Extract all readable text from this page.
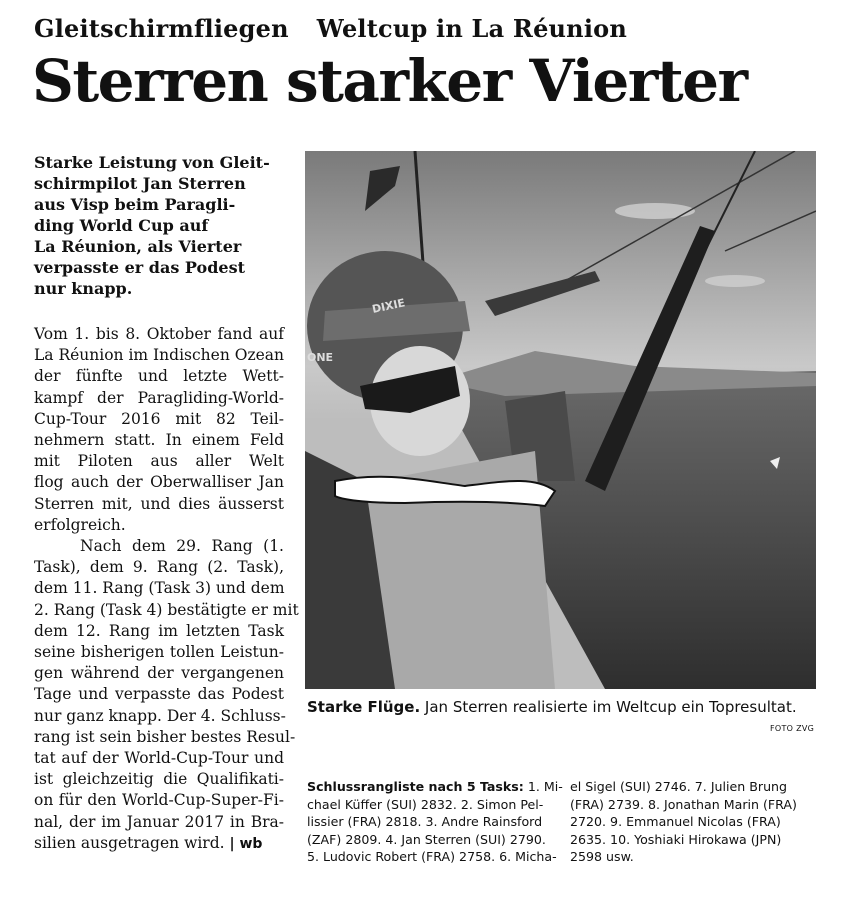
Gleitschirmfliegen Weltcup in La Réunion
Sterren starker Vierter
Starke Leistung von Gleit-
schirmpilot Jan Sterren
aus Visp beim Paragli-
ding World Cup auf
La Réunion, als Vierter
verpasste er das Podest
nur knapp.
Vom 1. bis 8. Oktober fand auf
La Réunion im Indischen Ozean
der fünfte und letzte Wett-
kampf der Paragliding-World-
Cup-Tour 2016 mit 82 Teil-
nehmern statt. In einem Feld
mit Piloten aus aller Welt
flog auch der Oberwalliser Jan
Sterren mit, und dies äusserst
erfolgreich.
Nach dem 29. Rang (1.
Task), dem 9. Rang (2. Task),
dem 11. Rang (Task 3) und dem
2. Rang (Task 4) bestätigte er mit
dem 12. Rang im letzten Task
seine bisherigen tollen Leistun-
gen während der vergangenen
Tage und verpasste das Podest
nur ganz knapp. Der 4. Schluss-
rang ist sein bisher bestes Resul-
tat auf der World-Cup-Tour und
ist gleichzeitig die Qualifikati-
on für den World-Cup-Super-Fi-
nal, der im Januar 2017 in Bra-
silien ausgetragen wird. | wb
DIXIE
ONE
Starke Flüge. Jan Sterren realisierte im Weltcup ein Topresultat.
FOTO ZVG
Schlussrangliste nach 5 Tasks: 1. Mi-
chael Küffer (SUI) 2832. 2. Simon Pel-
lissier (FRA) 2818. 3. Andre Rainsford
(ZAF) 2809. 4. Jan Sterren (SUI) 2790.
5. Ludovic Robert (FRA) 2758. 6. Micha-
el Sigel (SUI) 2746. 7. Julien Brung
(FRA) 2739. 8. Jonathan Marin (FRA)
2720. 9. Emmanuel Nicolas (FRA)
2635. 10. Yoshiaki Hirokawa (JPN)
2598 usw.
